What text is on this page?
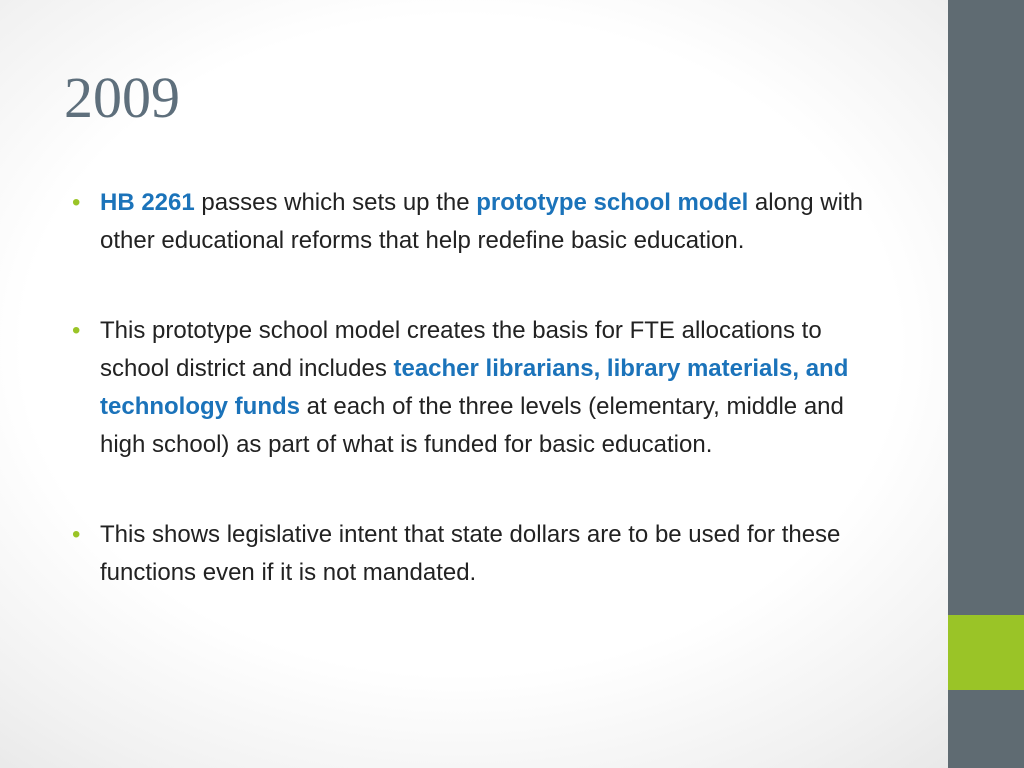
2009
• HB 2261 passes which sets up the prototype school model along with other educational reforms that help redefine basic education.
• This prototype school model creates the basis for FTE allocations to school district and includes teacher librarians, library materials, and technology funds at each of the three levels (elementary, middle and high school) as part of what is funded for basic education.
• This shows legislative intent that state dollars are to be used for these functions even if it is not mandated.
